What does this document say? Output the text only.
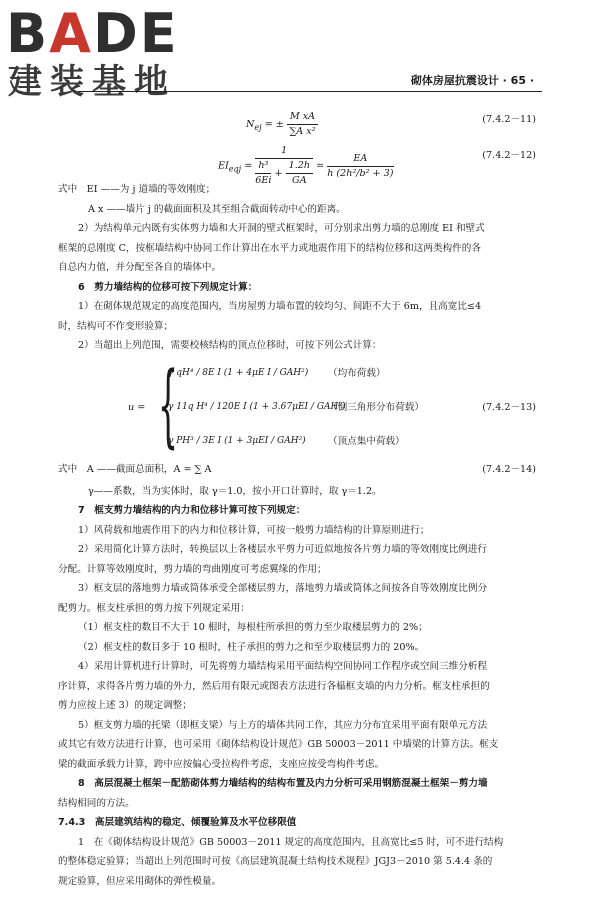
BADE
建装基地	砌体房屋抗震设计 · 65 ·
$N_{ej}$ = ± $\frac{\text{M xA}}{\text{∑A x²}}$	(7.4.2－11)
$EI_{eqj} = \frac{1}{\frac{\text{h³}}{6Ei} + \frac{1.2h}{GA}} = \frac{EA}{\text{h (2h²/b² + 3)}}$	(7.4.2－12)

式中　EI ——为 j 道墙的等效刚度；

A x ——墙片 j 的截面面积及其至组合截面转动中心的距离。

2）为结构单元内既有实体剪力墙和大开洞的壁式框架时，可分别求出剪力墙的总刚度 EI 和壁式

框架的总刚度 C，按框墙结构中协同工作计算出在水平力或地震作用下的结构位移和这两类构件的各

自总内力值，并分配至各自的墙体中。

6　剪力墙结构的位移可按下列规定计算：

1）在砌体规范规定的高度范围内，当房屋剪力墙布置的较均匀、间距不大于 6m，且高宽比≤4

时，结构可不作变形验算；

2）当超出上列范围，需要校核结构的顶点位移时，可按下列公式计算：

u = {
γ qH⁴ / 8E I (1 + 4μE I / GAH²)
γ 11q H⁴ / 120E I (1 + 3.67μEI / GAH²)
γ PH³ / 3E I (1 + 3μEI / GAH²)
（均布荷载）
（倒三角形分布荷载）
（顶点集中荷载）
(7.4.2－13)
式中　A ——截面总面积，A = ∑ A	(7.4.2－14)

γ——系数，当为实体时，取 γ＝1.0，按小开口计算时，取 γ＝1.2。

7　框支剪力墙结构的内力和位移计算可按下列规定：

1）风荷载和地震作用下的内力和位移计算，可按一般剪力墙结构的计算原则进行；

2）采用简化计算方法时，转换层以上各楼层水平剪力可近似地按各片剪力墙的等效刚度比例进行

分配。计算等效刚度时，剪力墙的弯曲刚度可考虑翼缘的作用；

3）框支层的落地剪力墙或筒体承受全部楼层剪力，落地剪力墙或筒体之间按各自等效刚度比例分

配剪力。框支柱承担的剪力按下列规定采用：

（1）框支柱的数目不大于 10 根时，每根柱所承担的剪力至少取楼层剪力的 2%；

（2）框支柱的数目多于 10 根时，柱子承担的剪力之和至少取楼层剪力的 20%。

4）采用计算机进行计算时，可先将剪力墙结构采用平面结构空间协同工作程序或空间三维分析程

序计算，求得各片剪力墙的外力，然后用有限元或图表方法进行各榀框支墙的内力分析。框支柱承担的

剪力应按上述 3）的规定调整；

5）框支剪力墙的托梁（即框支梁）与上方的墙体共同工作，其应力分布宜采用平面有限单元方法

或其它有效方法进行计算，也可采用《砌体结构设计规范》GB 50003－2011 中墙梁的计算方法。框支

梁的截面承载力计算，跨中应按偏心受拉构件考虑，支座应按受弯构件考虑。

8　高层混凝土框架－配筋砌体剪力墙结构的结构布置及内力分析可采用钢筋混凝土框架－剪力墙

结构相同的方法。

7.4.3　高层建筑结构的稳定、倾覆验算及水平位移限值

1　在《砌体结构设计规范》GB 50003－2011 规定的高度范围内，且高宽比≤5 时，可不进行结构

的整体稳定验算；当超出上列范围时可按《高层建筑混凝土结构技术规程》JGJ3－2010 第 5.4.4 条的

规定验算，但应采用砌体的弹性模量。
